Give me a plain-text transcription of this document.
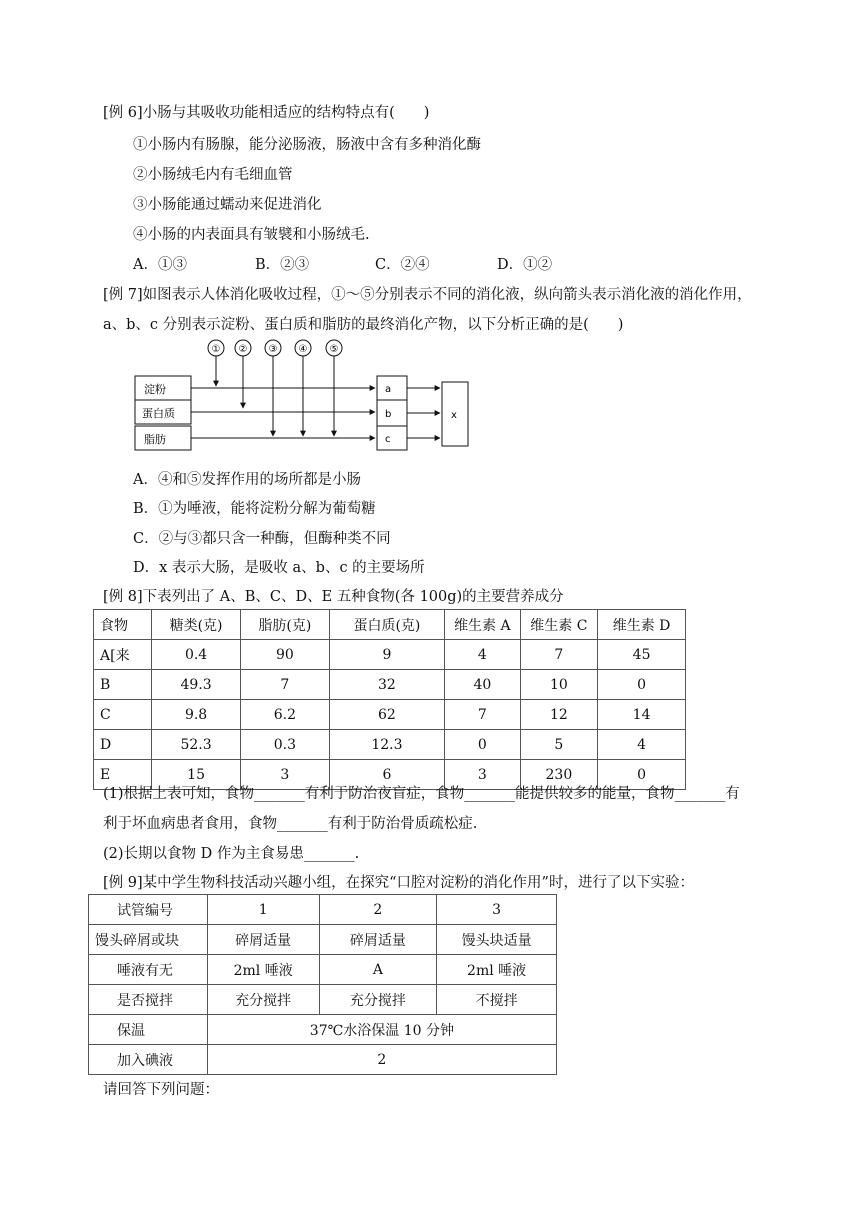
[例 6]小肠与其吸收功能相适应的结构特点有(　　)
①小肠内有肠腺，能分泌肠液，肠液中含有多种消化酶
②小肠绒毛内有毛细血管
③小肠能通过蠕动来促进消化
④小肠的内表面具有皱襞和小肠绒毛.
A．①③	B．②③	C．②④	D．①②
[例 7]如图表示人体消化吸收过程，①～⑤分别表示不同的消化液，纵向箭头表示消化液的消化作用，
a、b、c 分别表示淀粉、蛋白质和脂肪的最终消化产物，以下分析正确的是(　　)
① ② ③ ④ ⑤
淀粉
蛋白质
脂肪
a
b
c
x
A．④和⑤发挥作用的场所都是小肠
B．①为唾液，能将淀粉分解为葡萄糖
C．②与③都只含一种酶，但酶种类不同
D．x 表示大肠，是吸收 a、b、c 的主要场所
[例 8]下表列出了 A、B、C、D、E 五种食物(各 100g)的主要营养成分
食物	糖类(克)	脂肪(克)	蛋白质(克)	维生素 A	维生素 C	维生素 D
A[来	0.4	90	9	4	7	45
B	49.3	7	32	40	10	0
C	9.8	6.2	62	7	12	14
D	52.3	0.3	12.3	0	5	4
E	15	3	6	3	230	0
(1)根据上表可知，食物_______有利于防治夜盲症，食物_______能提供较多的能量，食物_______有
利于坏血病患者食用，食物_______有利于防治骨质疏松症.
(2)长期以食物 D 作为主食易患_______.
[例 9]某中学生物科技活动兴趣小组，在探究“口腔对淀粉的消化作用”时，进行了以下实验：
试管编号	1	2	3
馒头碎屑或块	碎屑适量	碎屑适量	馒头块适量
唾液有无	2ml 唾液	A	2ml 唾液
是否搅拌	充分搅拌	充分搅拌	不搅拌
保温	37℃水浴保温 10 分钟		
加入碘液	2		
请回答下列问题：
